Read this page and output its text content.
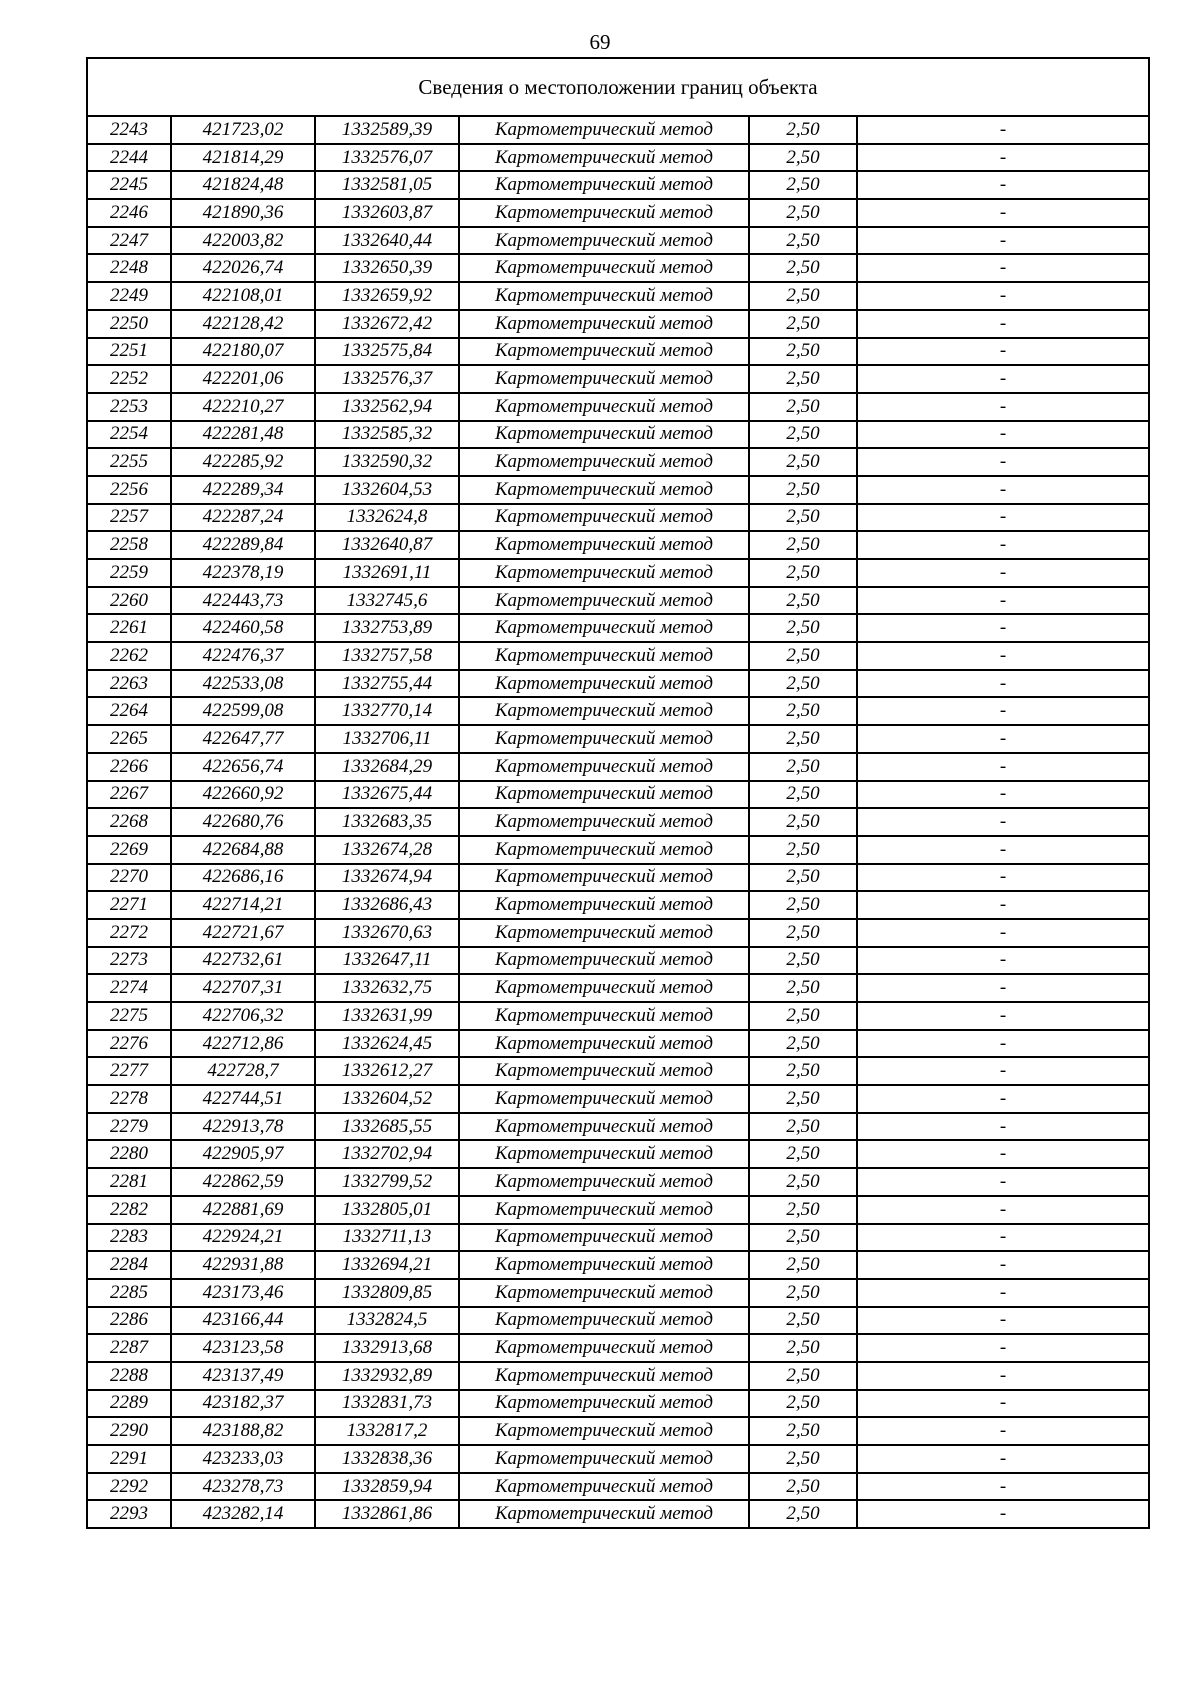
69
Сведения о местоположении границ объекта					
2243	421723,02	1332589,39	Картометрический метод	2,50	-
2244	421814,29	1332576,07	Картометрический метод	2,50	-
2245	421824,48	1332581,05	Картометрический метод	2,50	-
2246	421890,36	1332603,87	Картометрический метод	2,50	-
2247	422003,82	1332640,44	Картометрический метод	2,50	-
2248	422026,74	1332650,39	Картометрический метод	2,50	-
2249	422108,01	1332659,92	Картометрический метод	2,50	-
2250	422128,42	1332672,42	Картометрический метод	2,50	-
2251	422180,07	1332575,84	Картометрический метод	2,50	-
2252	422201,06	1332576,37	Картометрический метод	2,50	-
2253	422210,27	1332562,94	Картометрический метод	2,50	-
2254	422281,48	1332585,32	Картометрический метод	2,50	-
2255	422285,92	1332590,32	Картометрический метод	2,50	-
2256	422289,34	1332604,53	Картометрический метод	2,50	-
2257	422287,24	1332624,8	Картометрический метод	2,50	-
2258	422289,84	1332640,87	Картометрический метод	2,50	-
2259	422378,19	1332691,11	Картометрический метод	2,50	-
2260	422443,73	1332745,6	Картометрический метод	2,50	-
2261	422460,58	1332753,89	Картометрический метод	2,50	-
2262	422476,37	1332757,58	Картометрический метод	2,50	-
2263	422533,08	1332755,44	Картометрический метод	2,50	-
2264	422599,08	1332770,14	Картометрический метод	2,50	-
2265	422647,77	1332706,11	Картометрический метод	2,50	-
2266	422656,74	1332684,29	Картометрический метод	2,50	-
2267	422660,92	1332675,44	Картометрический метод	2,50	-
2268	422680,76	1332683,35	Картометрический метод	2,50	-
2269	422684,88	1332674,28	Картометрический метод	2,50	-
2270	422686,16	1332674,94	Картометрический метод	2,50	-
2271	422714,21	1332686,43	Картометрический метод	2,50	-
2272	422721,67	1332670,63	Картометрический метод	2,50	-
2273	422732,61	1332647,11	Картометрический метод	2,50	-
2274	422707,31	1332632,75	Картометрический метод	2,50	-
2275	422706,32	1332631,99	Картометрический метод	2,50	-
2276	422712,86	1332624,45	Картометрический метод	2,50	-
2277	422728,7	1332612,27	Картометрический метод	2,50	-
2278	422744,51	1332604,52	Картометрический метод	2,50	-
2279	422913,78	1332685,55	Картометрический метод	2,50	-
2280	422905,97	1332702,94	Картометрический метод	2,50	-
2281	422862,59	1332799,52	Картометрический метод	2,50	-
2282	422881,69	1332805,01	Картометрический метод	2,50	-
2283	422924,21	1332711,13	Картометрический метод	2,50	-
2284	422931,88	1332694,21	Картометрический метод	2,50	-
2285	423173,46	1332809,85	Картометрический метод	2,50	-
2286	423166,44	1332824,5	Картометрический метод	2,50	-
2287	423123,58	1332913,68	Картометрический метод	2,50	-
2288	423137,49	1332932,89	Картометрический метод	2,50	-
2289	423182,37	1332831,73	Картометрический метод	2,50	-
2290	423188,82	1332817,2	Картометрический метод	2,50	-
2291	423233,03	1332838,36	Картометрический метод	2,50	-
2292	423278,73	1332859,94	Картометрический метод	2,50	-
2293	423282,14	1332861,86	Картометрический метод	2,50	-
